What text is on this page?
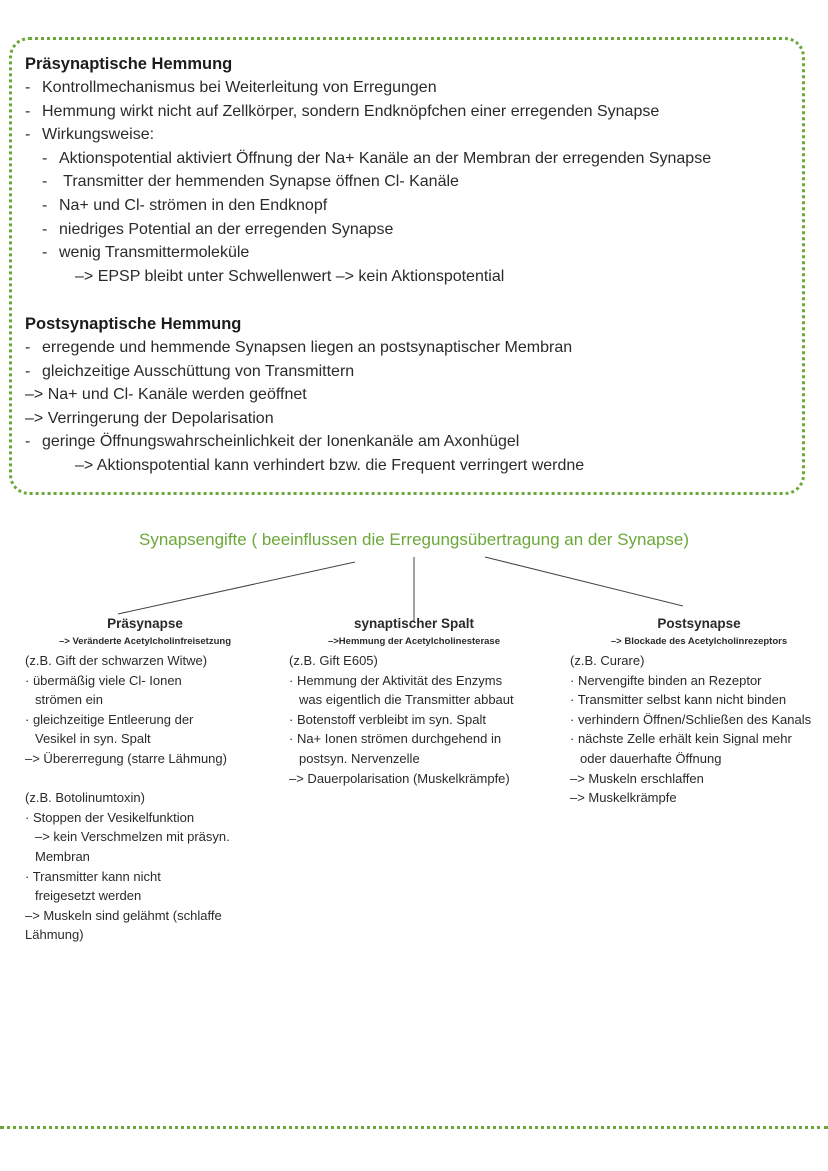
Präsynaptische Hemmung
- Kontrollmechanismus bei Weiterleitung von Erregungen
- Hemmung wirkt nicht auf Zellkörper, sondern Endknöpfchen einer erregenden Synapse
- Wirkungsweise:
- Aktionspotential aktiviert Öffnung der Na+ Kanäle an der Membran der erregenden Synapse
- Transmitter der hemmenden Synapse öffnen Cl- Kanäle
- Na+ und Cl- strömen in den Endknopf
- niedriges Potential an der erregenden Synapse
- wenig Transmittermoleküle
–> EPSP bleibt unter Schwellenwert –> kein Aktionspotential
Postsynaptische Hemmung
- erregende und hemmende Synapsen liegen an postsynaptischer Membran
- gleichzeitige Ausschüttung von Transmittern
–> Na+ und Cl- Kanäle werden geöffnet
–> Verringerung der Depolarisation
- geringe Öffnungswahrscheinlichkeit der Ionenkanäle am Axonhügel
–> Aktionspotential kann verhindert bzw. die Frequent verringert werdne
Synapsengifte ( beeinflussen die Erregungsübertragung an der Synapse)
Präsynapse
–> Veränderte Acetylcholinfreisetzung
(z.B. Gift der schwarzen Witwe)
· übermäßig viele Cl- Ionen
strömen ein
· gleichzeitige Entleerung der
Vesikel in syn. Spalt
–> Übererregung (starre Lähmung)
(z.B. Botolinumtoxin)
· Stoppen der Vesikelfunktion
–> kein Verschmelzen mit präsyn.
Membran
· Transmitter kann nicht
freigesetzt werden
–> Muskeln sind gelähmt (schlaffe
Lähmung)
synaptischer Spalt
–>Hemmung der Acetylcholinesterase
(z.B. Gift E605)
· Hemmung der Aktivität des Enzyms
was eigentlich die Transmitter abbaut
· Botenstoff verbleibt im syn. Spalt
· Na+ Ionen strömen durchgehend in
postsyn. Nervenzelle
–> Dauerpolarisation (Muskelkrämpfe)
Postsynapse
–> Blockade des Acetylcholinrezeptors
(z.B. Curare)
· Nervengifte binden an Rezeptor
· Transmitter selbst kann nicht binden
· verhindern Öffnen/Schließen des Kanals
· nächste Zelle erhält kein Signal mehr
oder dauerhafte Öffnung
–> Muskeln erschlaffen
–> Muskelkrämpfe
